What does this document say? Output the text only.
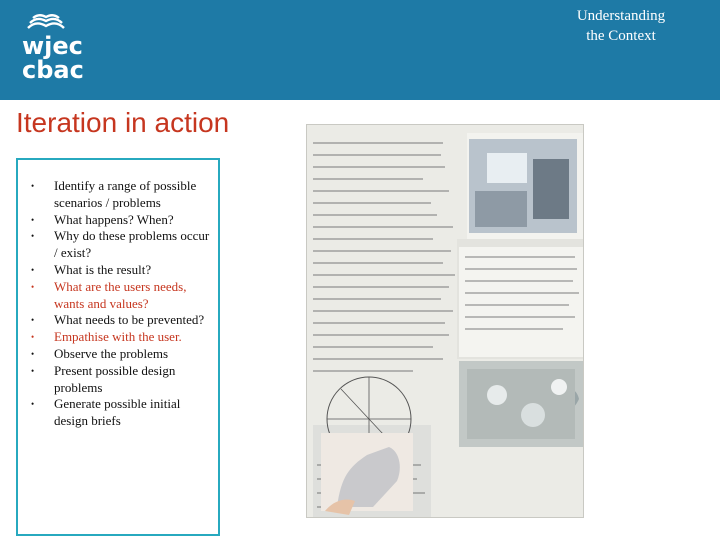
wjec
cbac
Understanding
the Context
Iteration in action
• Identify a range of possible scenarios / problems
• What happens? When?
• Why do these problems occur / exist?
• What is the result?
• What are the users needs, wants and values?
• What needs to be prevented?
• Empathise with the user.
• Observe the problems
• Present possible design problems
• Generate possible initial design briefs
